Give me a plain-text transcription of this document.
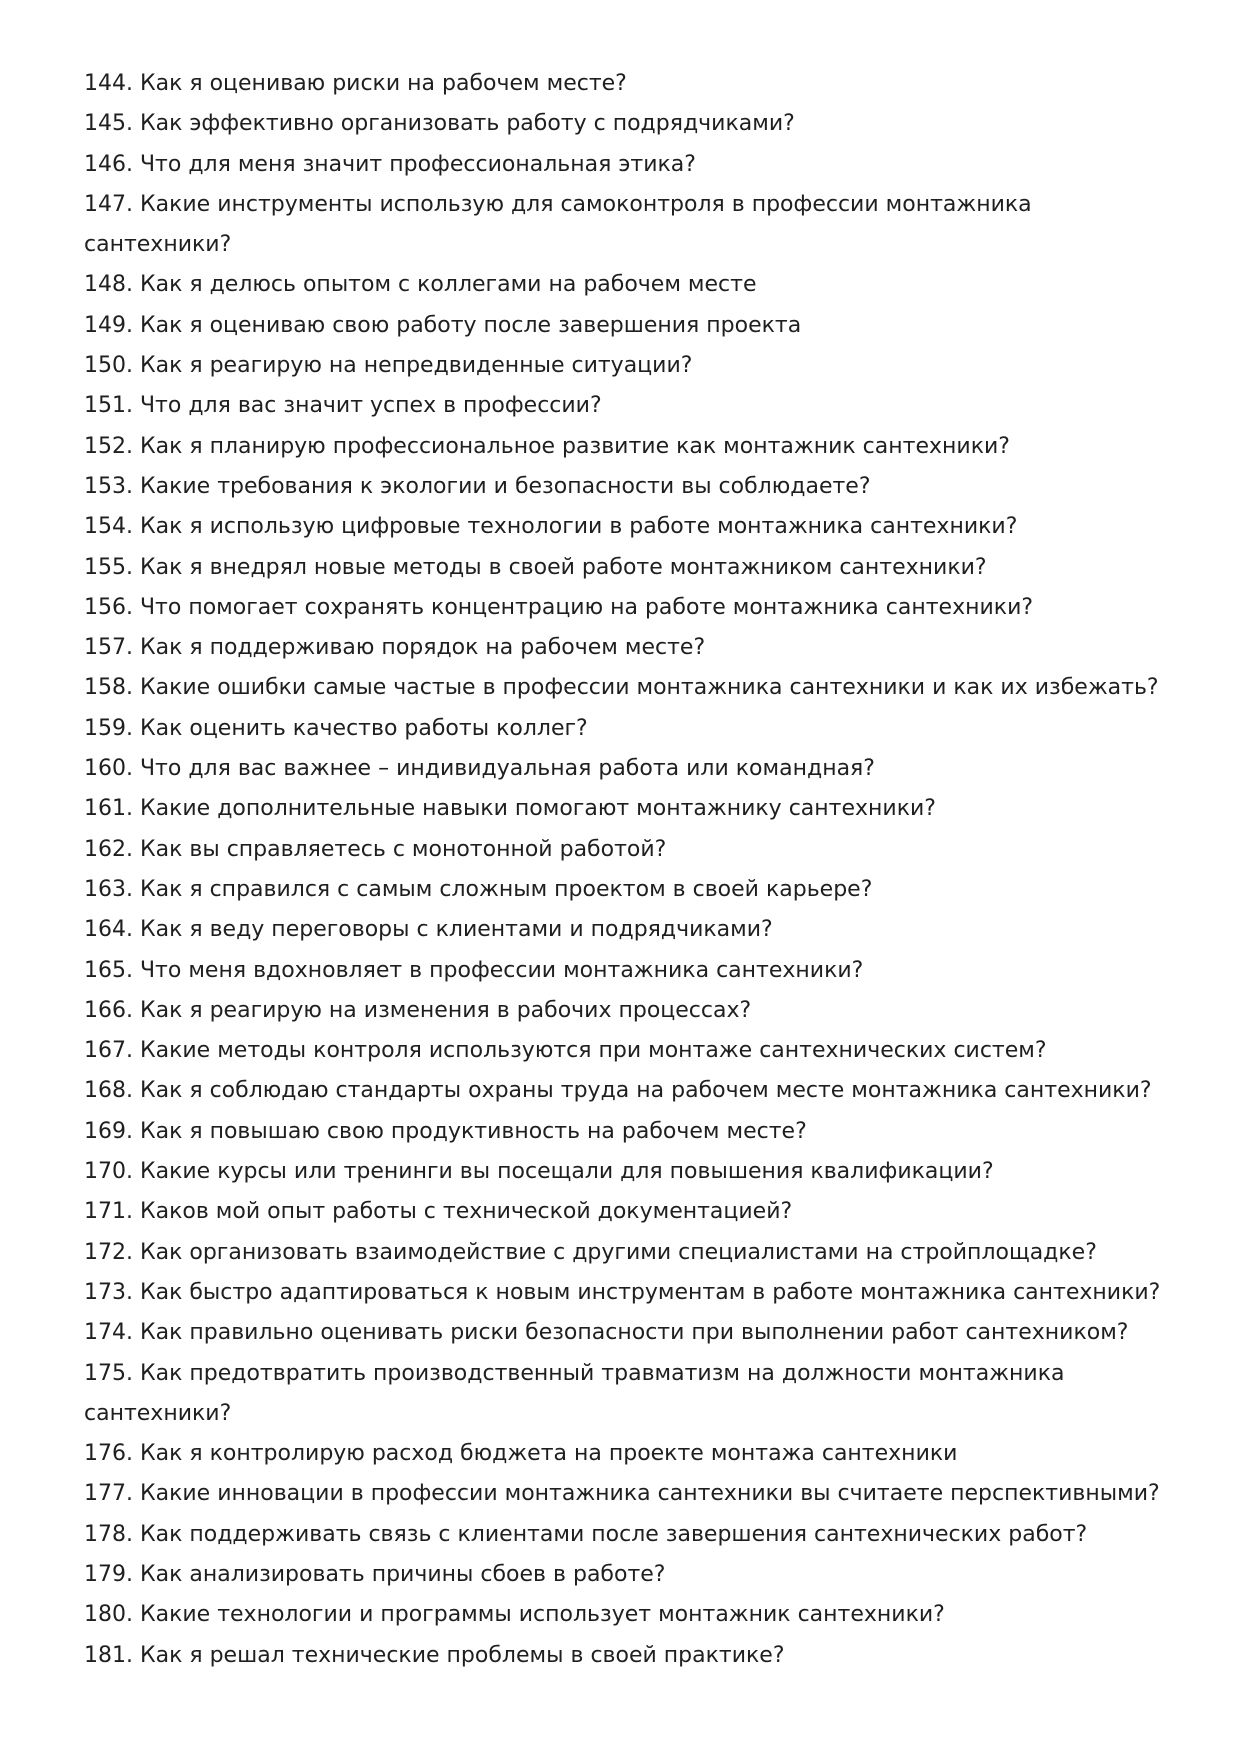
144. Как я оцениваю риски на рабочем месте?
145. Как эффективно организовать работу с подрядчиками?
146. Что для меня значит профессиональная этика?
147. Какие инструменты использую для самоконтроля в профессии монтажника сантехники?
148. Как я делюсь опытом с коллегами на рабочем месте
149. Как я оцениваю свою работу после завершения проекта
150. Как я реагирую на непредвиденные ситуации?
151. Что для вас значит успех в профессии?
152. Как я планирую профессиональное развитие как монтажник сантехники?
153. Какие требования к экологии и безопасности вы соблюдаете?
154. Как я использую цифровые технологии в работе монтажника сантехники?
155. Как я внедрял новые методы в своей работе монтажником сантехники?
156. Что помогает сохранять концентрацию на работе монтажника сантехники?
157. Как я поддерживаю порядок на рабочем месте?
158. Какие ошибки самые частые в профессии монтажника сантехники и как их избежать?
159. Как оценить качество работы коллег?
160. Что для вас важнее – индивидуальная работа или командная?
161. Какие дополнительные навыки помогают монтажнику сантехники?
162. Как вы справляетесь с монотонной работой?
163. Как я справился с самым сложным проектом в своей карьере?
164. Как я веду переговоры с клиентами и подрядчиками?
165. Что меня вдохновляет в профессии монтажника сантехники?
166. Как я реагирую на изменения в рабочих процессах?
167. Какие методы контроля используются при монтаже сантехнических систем?
168. Как я соблюдаю стандарты охраны труда на рабочем месте монтажника сантехники?
169. Как я повышаю свою продуктивность на рабочем месте?
170. Какие курсы или тренинги вы посещали для повышения квалификации?
171. Каков мой опыт работы с технической документацией?
172. Как организовать взаимодействие с другими специалистами на стройплощадке?
173. Как быстро адаптироваться к новым инструментам в работе монтажника сантехники?
174. Как правильно оценивать риски безопасности при выполнении работ сантехником?
175. Как предотвратить производственный травматизм на должности монтажника сантехники?
176. Как я контролирую расход бюджета на проекте монтажа сантехники
177. Какие инновации в профессии монтажника сантехники вы считаете перспективными?
178. Как поддерживать связь с клиентами после завершения сантехнических работ?
179. Как анализировать причины сбоев в работе?
180. Какие технологии и программы использует монтажник сантехники?
181. Как я решал технические проблемы в своей практике?
